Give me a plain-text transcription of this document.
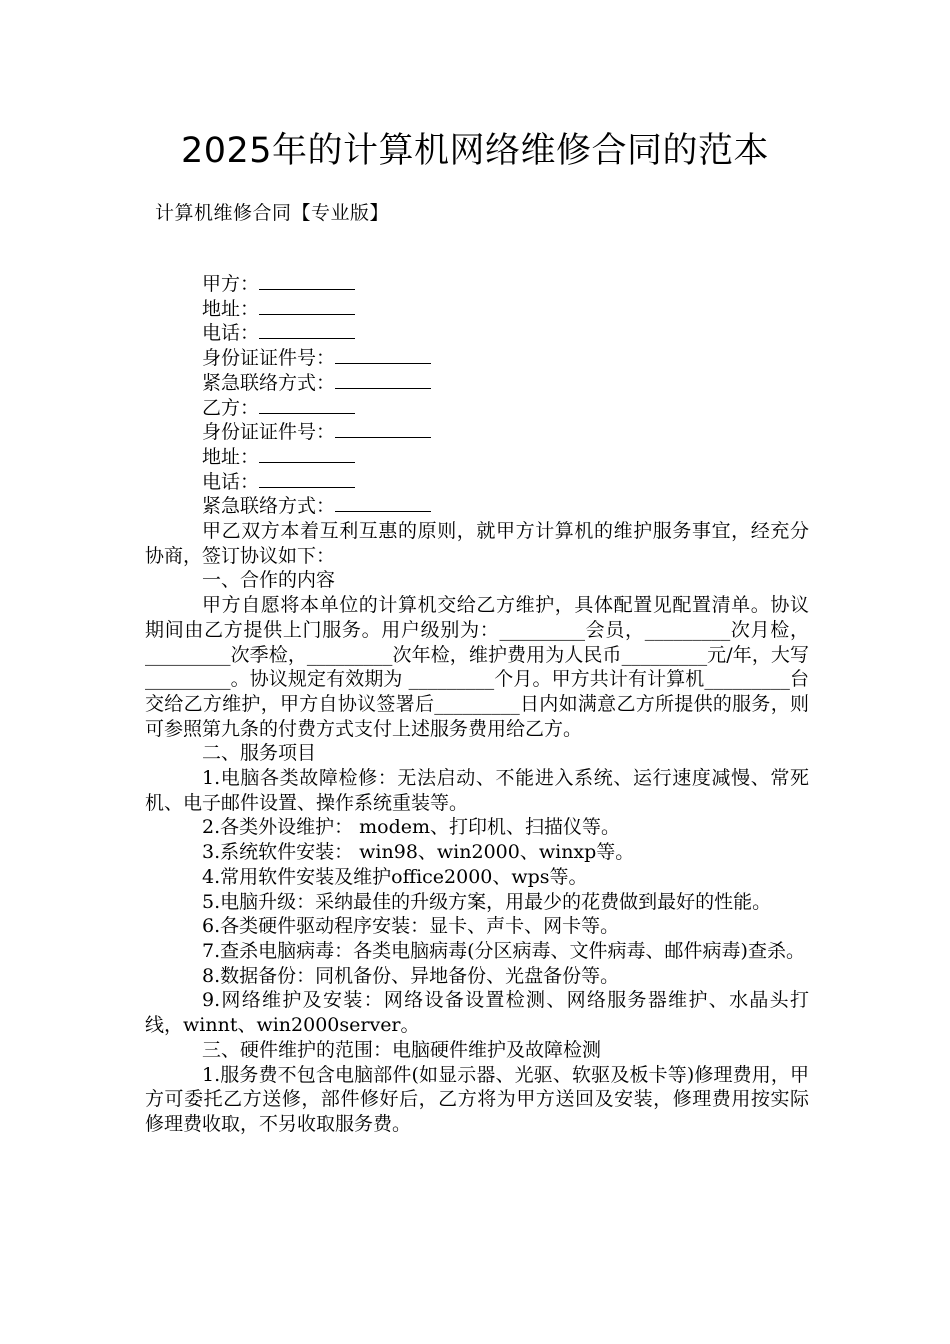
2025年的计算机网络维修合同的范本

计算机维修合同【专业版】

甲方：

地址：

电话：

身份证证件号：

紧急联络方式：

乙方：

身份证证件号：

地址：

电话：

紧急联络方式：

甲乙双方本着互利互惠的原则，就甲方计算机的维护服务事宜，经充分协商，签订协议如下：

一、合作的内容

甲方自愿将本单位的计算机交给乙方维护，具体配置见配置清单。协议期间由乙方提供上门服务。用户级别为：_________会员，_________次月检，_________次季检，_________次年检，维护费用为人民币_________元/年，大写_________。协议规定有效期为 _________个月。甲方共计有计算机_________台交给乙方维护，甲方自协议签署后_________日内如满意乙方所提供的服务，则可参照第九条的付费方式支付上述服务费用给乙方。

二、服务项目

1.电脑各类故障检修：无法启动、不能进入系统、运行速度减慢、常死机、电子邮件设置、操作系统重装等。

2.各类外设维护： modem、打印机、扫描仪等。

3.系统软件安装： win98、win2000、winxp等。

4.常用软件安装及维护office2000、wps等。

5.电脑升级：采纳最佳的升级方案，用最少的花费做到最好的性能。

6.各类硬件驱动程序安装：显卡、声卡、网卡等。

7.查杀电脑病毒：各类电脑病毒(分区病毒、文件病毒、邮件病毒)查杀。

8.数据备份：同机备份、异地备份、光盘备份等。

9.网络维护及安装：网络设备设置检测、网络服务器维护、水晶头打线，winnt、win2000server。

三、硬件维护的范围：电脑硬件维护及故障检测

1.服务费不包含电脑部件(如显示器、光驱、软驱及板卡等)修理费用，甲方可委托乙方送修，部件修好后，乙方将为甲方送回及安装，修理费用按实际修理费收取，不另收取服务费。
